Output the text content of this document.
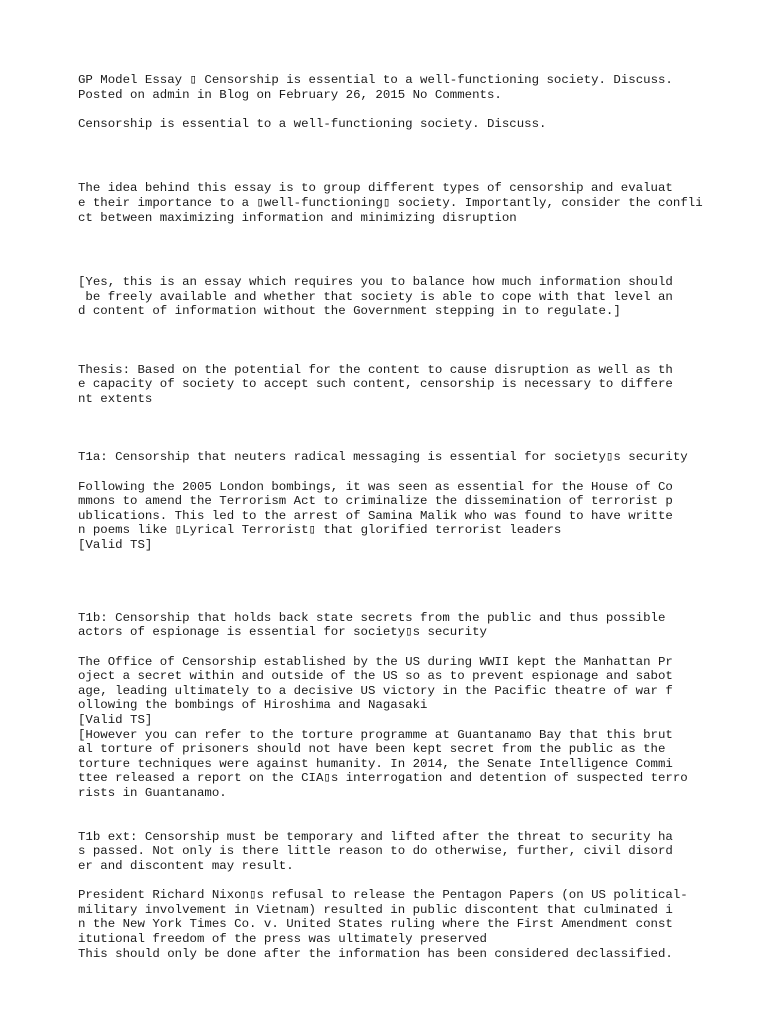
GP Model Essay ▯ Censorship is essential to a well-functioning society. Discuss.
Posted on admin in Blog on February 26, 2015 No Comments.
Censorship is essential to a well-functioning society. Discuss.
The idea behind this essay is to group different types of censorship and evaluat
e their importance to a ▯well-functioning▯ society. Importantly, consider the confli
ct between maximizing information and minimizing disruption
[Yes, this is an essay which requires you to balance how much information should
be freely available and whether that society is able to cope with that level an
d content of information without the Government stepping in to regulate.]
Thesis: Based on the potential for the content to cause disruption as well as th
e capacity of society to accept such content, censorship is necessary to differe
nt extents
T1a: Censorship that neuters radical messaging is essential for society▯s security
Following the 2005 London bombings, it was seen as essential for the House of Co
mmons to amend the Terrorism Act to criminalize the dissemination of terrorist p
ublications. This led to the arrest of Samina Malik who was found to have writte
n poems like ▯Lyrical Terrorist▯ that glorified terrorist leaders
[Valid TS]
T1b: Censorship that holds back state secrets from the public and thus possible
actors of espionage is essential for society▯s security
The Office of Censorship established by the US during WWII kept the Manhattan Pr
oject a secret within and outside of the US so as to prevent espionage and sabot
age, leading ultimately to a decisive US victory in the Pacific theatre of war f
ollowing the bombings of Hiroshima and Nagasaki
[Valid TS]
[However you can refer to the torture programme at Guantanamo Bay that this brut
al torture of prisoners should not have been kept secret from the public as the
torture techniques were against humanity. In 2014, the Senate Intelligence Commi
ttee released a report on the CIA▯s interrogation and detention of suspected terro
rists in Guantanamo.
T1b ext: Censorship must be temporary and lifted after the threat to security ha
s passed. Not only is there little reason to do otherwise, further, civil disord
er and discontent may result.
President Richard Nixon▯s refusal to release the Pentagon Papers (on US political-
military involvement in Vietnam) resulted in public discontent that culminated i
n the New York Times Co. v. United States ruling where the First Amendment const
itutional freedom of the press was ultimately preserved
This should only be done after the information has been considered declassified.
